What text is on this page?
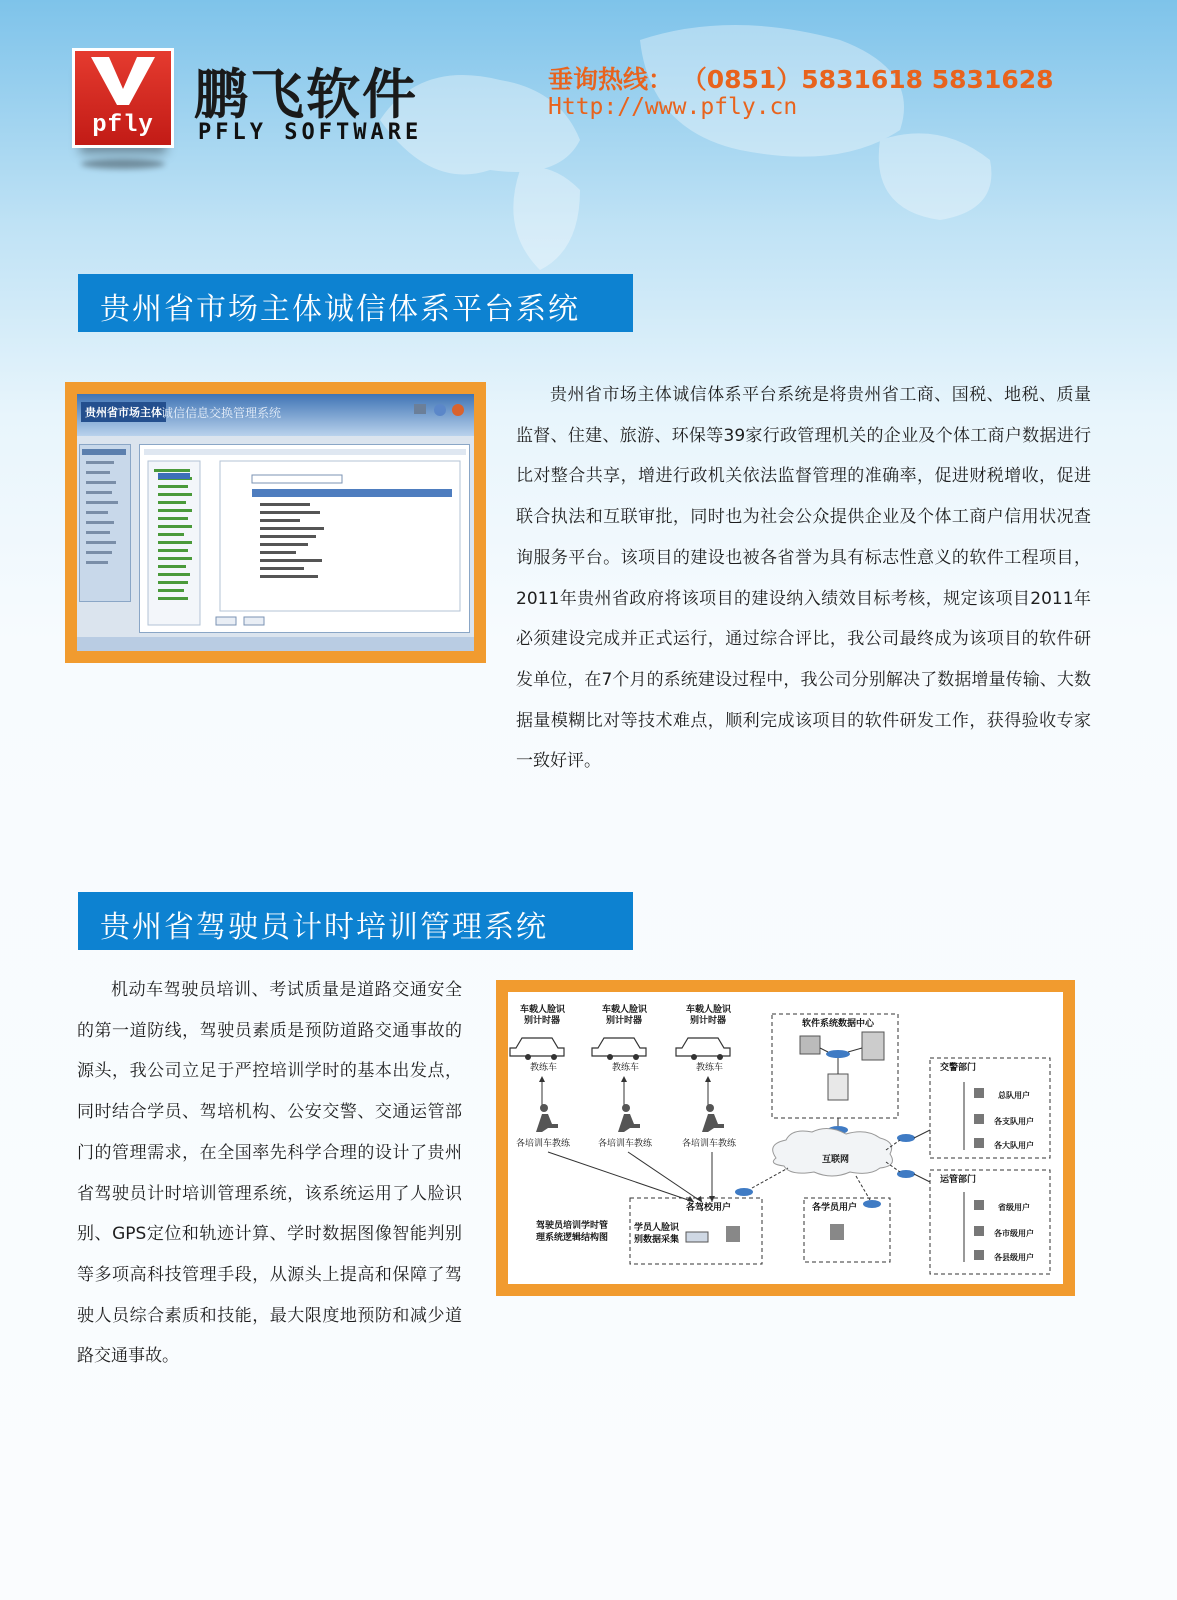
pfly 鹏飞软件
PFLY SOFTWARE
垂询热线： （0851）5831618 5831628
Http://www.pfly.cn
贵州省市场主体诚信体系平台系统
贵州省市场主体 诚信信息交换管理系统

贵州省市场主体诚信体系平台系统是将贵州省工商、国税、地税、质量监督、住建、旅游、环保等39家行政管理机关的企业及个体工商户数据进行比对整合共享，增进行政机关依法监督管理的准确率，促进财税增收，促进联合执法和互联审批，同时也为社会公众提供企业及个体工商户信用状况查询服务平台。该项目的建设也被各省誉为具有标志性意义的软件工程项目，2011年贵州省政府将该项目的建设纳入绩效目标考核，规定该项目2011年必须建设完成并正式运行，通过综合评比，我公司最终成为该项目的软件研发单位，在7个月的系统建设过程中，我公司分别解决了数据增量传输、大数据量模糊比对等技术难点，顺利完成该项目的软件研发工作，获得验收专家一致好评。

贵州省驾驶员计时培训管理系统

机动车驾驶员培训、考试质量是道路交通安全的第一道防线，驾驶员素质是预防道路交通事故的源头，我公司立足于严控培训学时的基本出发点，同时结合学员、驾培机构、公安交警、交通运管部门的管理需求，在全国率先科学合理的设计了贵州省驾驶员计时培训管理系统，该系统运用了人脸识别、GPS定位和轨迹计算、学时数据图像智能判别等多项高科技管理手段，从源头上提高和保障了驾驶人员综合素质和技能，最大限度地预防和减少道路交通事故。

车载人脸识
别计时器
车载人脸识
别计时器
车载人脸识
别计时器
教练车	教练车	教练车
各培训车教练	各培训车教练	各培训车教练
软件系统数据中心
互联网
交警部门
总队用户
各支队用户
各大队用户
运管部门
省级用户
各市级用户
各县级用户
各驾校用户
学员人脸识
别数据采集
各学员用户
驾驶员培训学时管
理系统逻辑结构图
